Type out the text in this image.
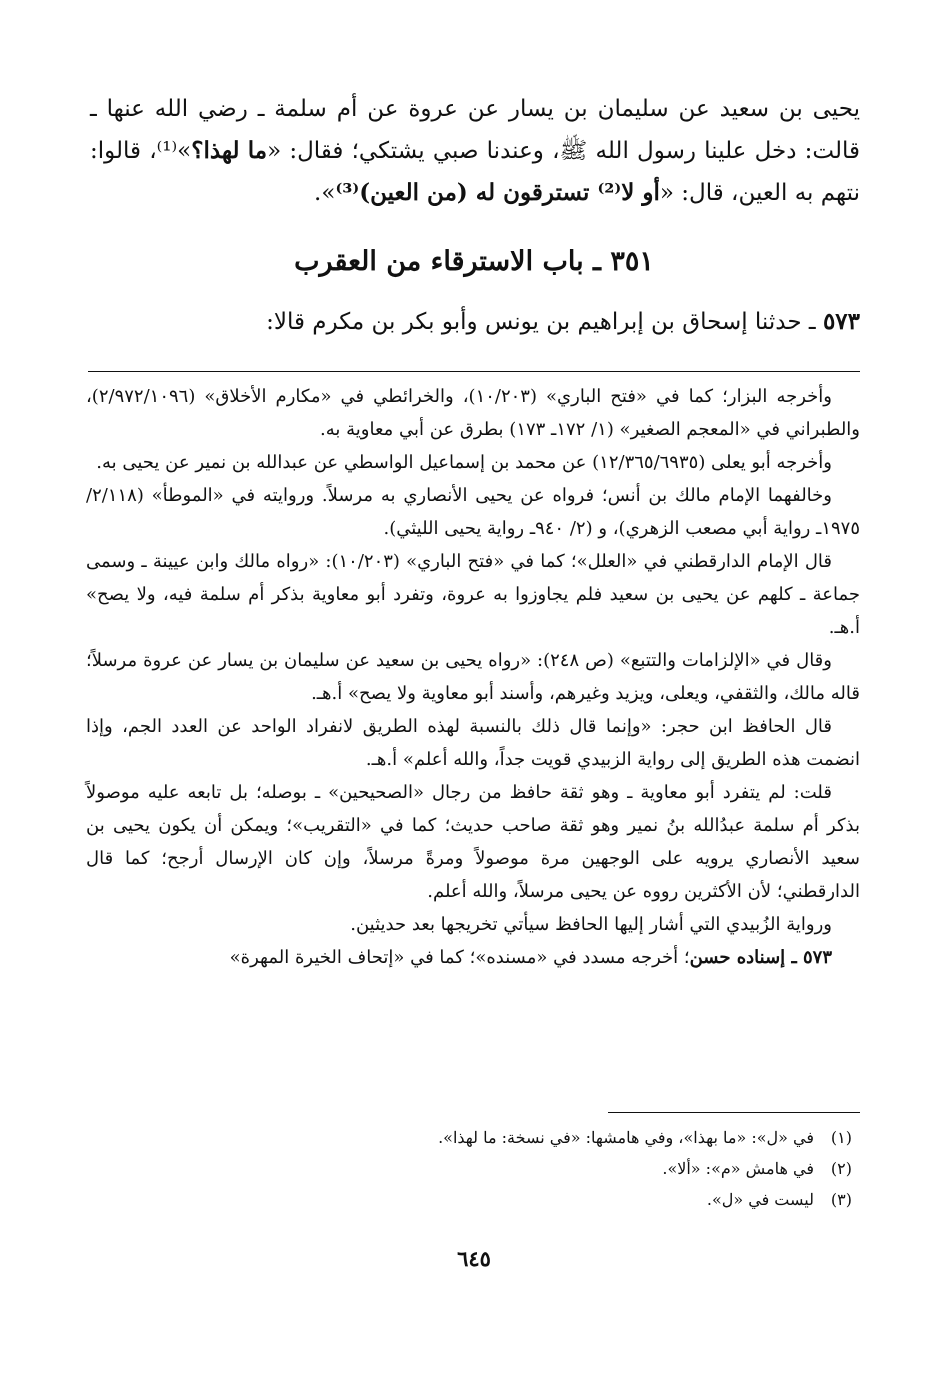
يحيى بن سعيد عن سليمان بن يسار عن عروة عن أم سلمة ـ رضي الله عنها ـ قالت: دخل علينا رسول الله ﷺ، وعندنا صبي يشتكي؛ فقال: «ما لهذا؟»⁽¹⁾، قالوا: نتهم به العين، قال: «أو لا⁽²⁾ تسترقون له (من العين)⁽³⁾».
٣٥١ ـ باب الاسترقاء من العقرب
٥٧٣ ـ حدثنا إسحاق بن إبراهيم بن يونس وأبو بكر بن مكرم قالا:

وأخرجه البزار؛ كما في «فتح الباري» (١٠/٢٠٣)، والخرائطي في «مكارم الأخلاق» (٢/٩٧٢/١٠٩٦)، والطبراني في «المعجم الصغير» (١/ ١٧٢ـ ١٧٣) بطرق عن أبي معاوية به.

وأخرجه أبو يعلى (١٢/٣٦٥/٦٩٣٥) عن محمد بن إسماعيل الواسطي عن عبدالله بن نمير عن يحيى به.

وخالفهما الإمام مالك بن أنس؛ فرواه عن يحيى الأنصاري به مرسلاً. وروايته في «الموطأ» (٢/١١٨/ ١٩٧٥ـ رواية أبي مصعب الزهري)، و (٢/ ٩٤٠ـ رواية يحيى الليثي).

قال الإمام الدارقطني في «العلل»؛ كما في «فتح الباري» (١٠/٢٠٣): «رواه مالك وابن عيينة ـ وسمى جماعة ـ كلهم عن يحيى بن سعيد فلم يجاوزوا به عروة، وتفرد أبو معاوية بذكر أم سلمة فيه، ولا يصح» أ.هـ.

وقال في «الإلزامات والتتبع» (ص ٢٤٨): «رواه يحيى بن سعيد عن سليمان بن يسار عن عروة مرسلاً؛ قاله مالك، والثقفي، ويعلى، ويزيد وغيرهم، وأسند أبو معاوية ولا يصح» أ.هـ.

قال الحافظ ابن حجر: «وإنما قال ذلك بالنسبة لهذه الطريق لانفراد الواحد عن العدد الجم، وإذا انضمت هذه الطريق إلى رواية الزبيدي قويت جداً، والله أعلم» أ.هـ.

قلت: لم يتفرد أبو معاوية ـ وهو ثقة حافظ من رجال «الصحيحين» ـ بوصله؛ بل تابعه عليه موصولاً بذكر أم سلمة عبدُالله بنُ نمير وهو ثقة صاحب حديث؛ كما في «التقريب»؛ ويمكن أن يكون يحيى بن سعيد الأنصاري يرويه على الوجهين مرة موصولاً ومرةً مرسلاً، وإن كان الإرسال أرجح؛ كما قال الدارقطني؛ لأن الأكثرين رووه عن يحيى مرسلاً، والله أعلم.

ورواية الزُبيدي التي أشار إليها الحافظ سيأتي تخريجها بعد حديثين.

٥٧٣ ـ إسناده حسن؛ أخرجه مسدد في «مسنده»؛ كما في «إتحاف الخيرة المهرة»

(١)في «ل»: «ما بهذا»، وفي هامشها: «في نسخة: ما لهذا».
(٢)في هامش «م»: «ألا».
(٣)ليست في «ل».
٦٤٥
